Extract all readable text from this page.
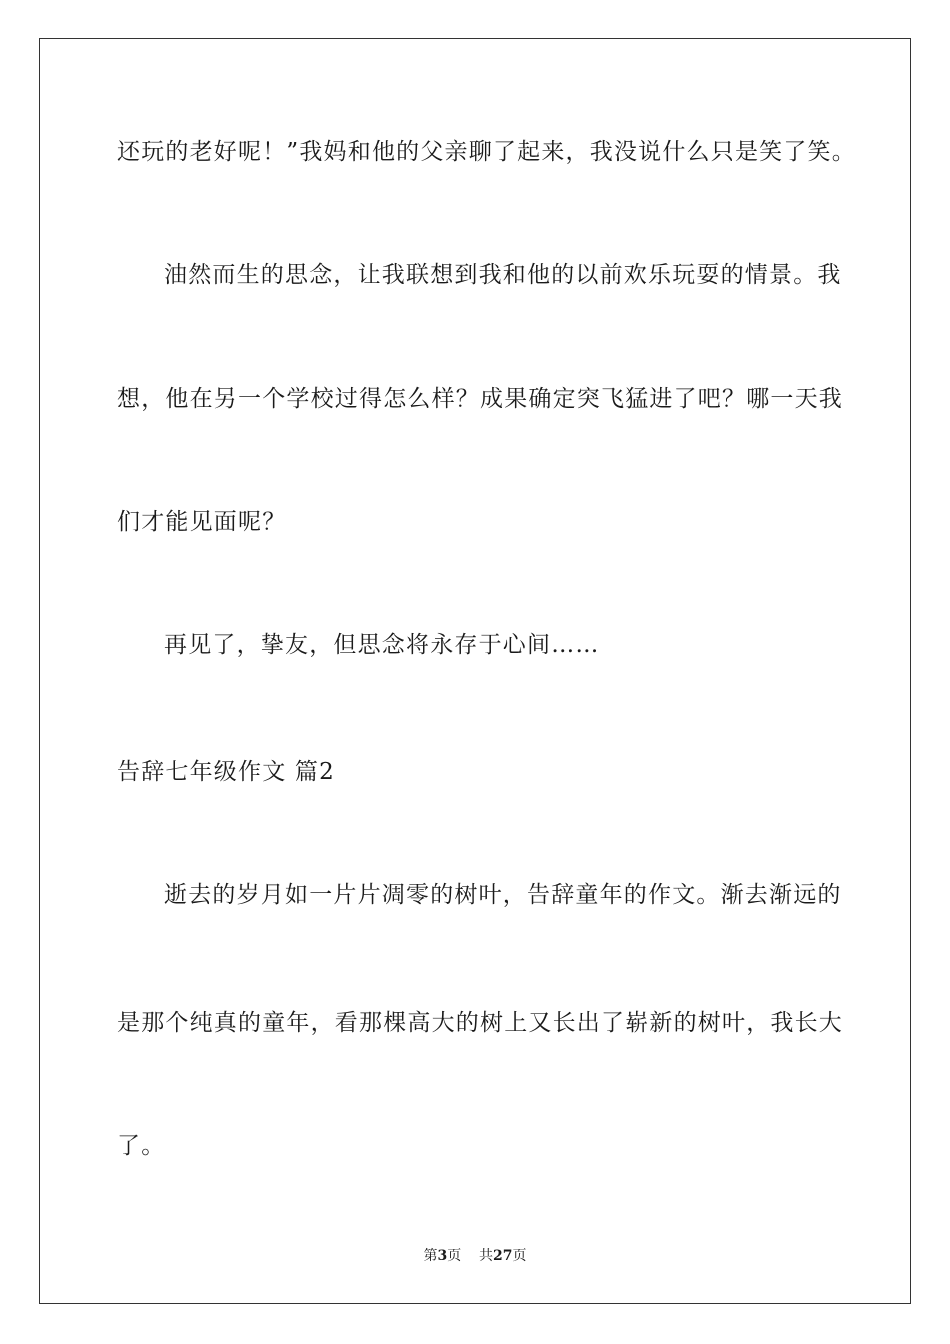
还玩的老好呢！”我妈和他的父亲聊了起来，我没说什么只是笑了笑。
油然而生的思念，让我联想到我和他的以前欢乐玩耍的情景。我
想，他在另一个学校过得怎么样？成果确定突飞猛进了吧？哪一天我
们才能见面呢？
再见了，挚友，但思念将永存于心间……
告辞七年级作文 篇2
逝去的岁月如一片片凋零的树叶，告辞童年的作文。渐去渐远的
是那个纯真的童年，看那棵高大的树上又长出了崭新的树叶，我长大
了。
第3页 共27页
